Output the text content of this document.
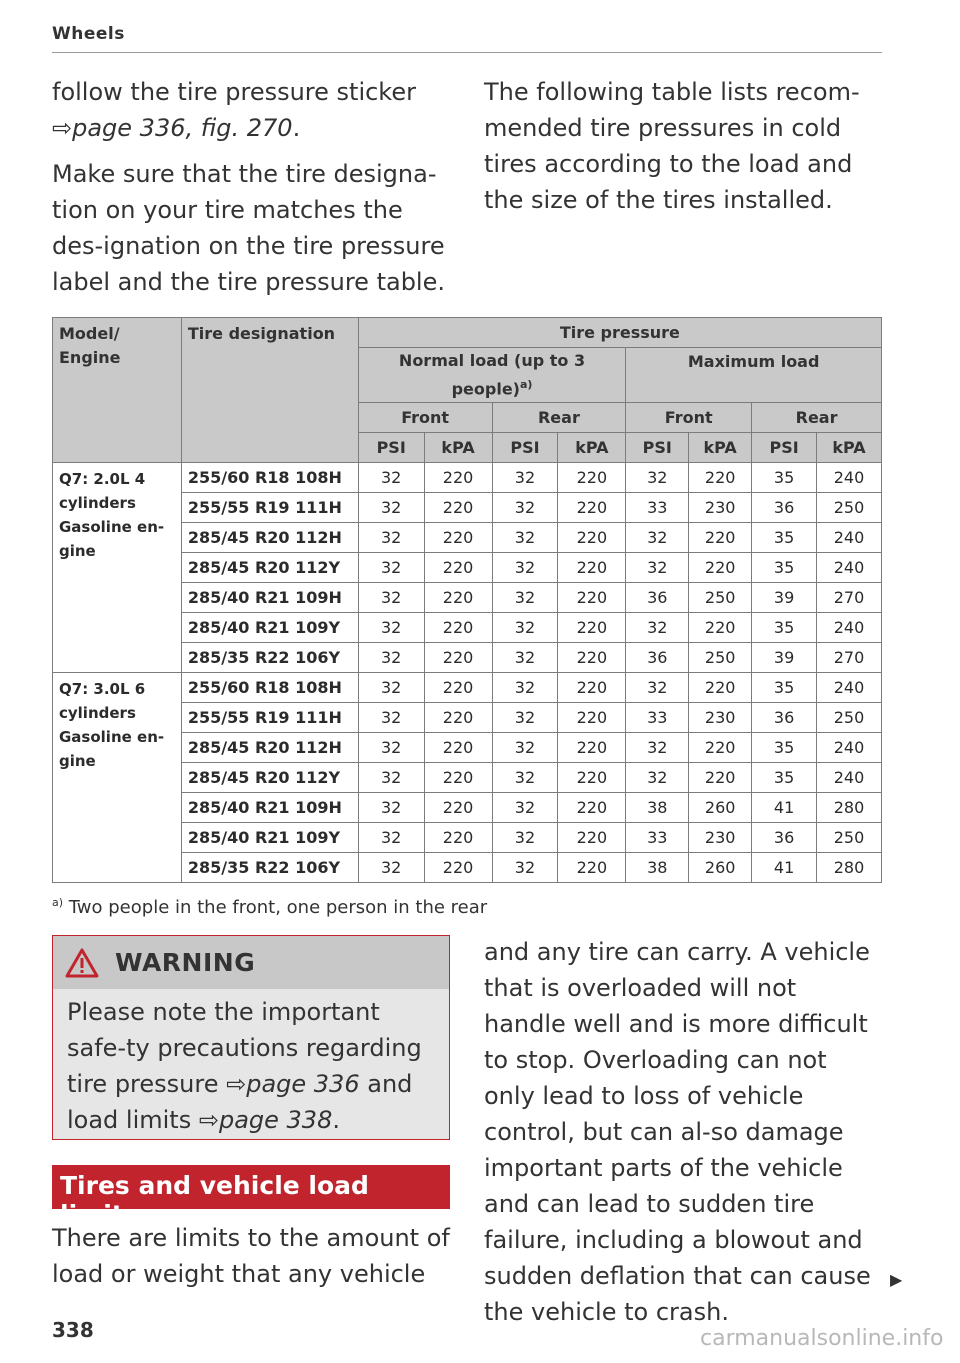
Wheels

follow the tire pressure sticker ⇨page 336, fig. 270.

Make sure that the tire designa-tion on your tire matches the des-ignation on the tire pressure label and the tire pressure table.

The following table lists recom-mended tire pressures in cold tires according to the load and the size of the tires installed.

Model/ Engine	Tire designation	Tire pressure							
		Normal load (up to 3 people)$^{a)}$				Maximum load			
		Front		Rear		Front		Rear	
		PSI	kPA	PSI	kPA	PSI	kPA	PSI	kPA
Q7: 2.0L 4 cylinders Gasoline en-gine	255/60 R18 108H	32	220	32	220	32	220	35	240
	255/55 R19 111H	32	220	32	220	33	230	36	250
	285/45 R20 112H	32	220	32	220	32	220	35	240
	285/45 R20 112Y	32	220	32	220	32	220	35	240
	285/40 R21 109H	32	220	32	220	36	250	39	270
	285/40 R21 109Y	32	220	32	220	32	220	35	240
	285/35 R22 106Y	32	220	32	220	36	250	39	270
Q7: 3.0L 6 cylinders Gasoline en-gine	255/60 R18 108H	32	220	32	220	32	220	35	240
	255/55 R19 111H	32	220	32	220	33	230	36	250
	285/45 R20 112H	32	220	32	220	32	220	35	240
	285/45 R20 112Y	32	220	32	220	32	220	35	240
	285/40 R21 109H	32	220	32	220	38	260	41	280
	285/40 R21 109Y	32	220	32	220	33	230	36	250
	285/35 R22 106Y	32	220	32	220	38	260	41	280
$^{a)}$ Two people in the front, one person in the rear
WARNING
Please note the important safe-ty precautions regarding tire pressure ⇨page 336 and load limits ⇨page 338.
Tires and vehicle load limits
There are limits to the amount of load or weight that any vehicle
and any tire can carry. A vehicle that is overloaded will not handle well and is more difficult to stop. Overloading can not only lead to loss of vehicle control, but can al-so damage important parts of the vehicle and can lead to sudden tire failure, including a blowout and sudden deflation that can cause the vehicle to crash.
▶
338	carmanualsonline.info
